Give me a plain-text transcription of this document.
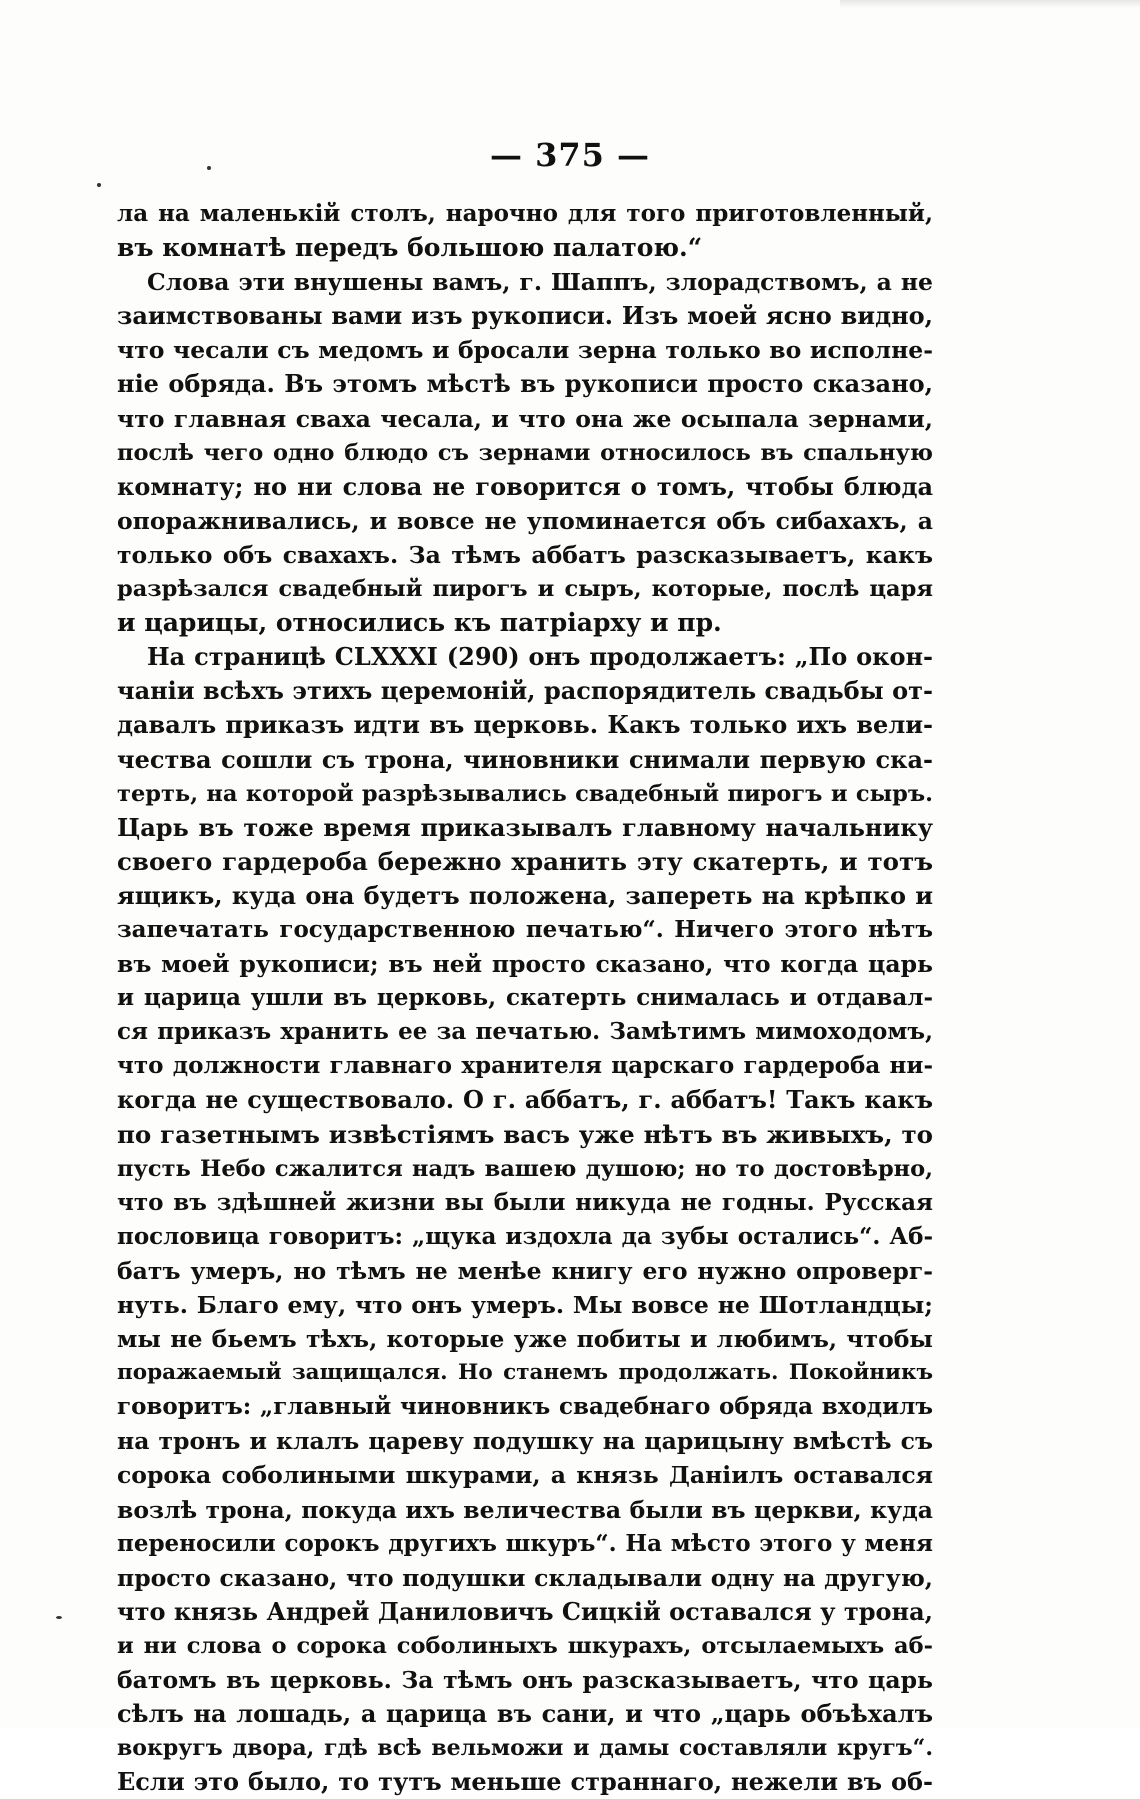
— 375 —
ла на маленькій столъ, нарочно для того приготовленный,
въ комнатѣ передъ большою палатою.“
Слова эти внушены вамъ, г. Шаппъ, злорадствомъ, а не
заимствованы вами изъ рукописи. Изъ моей ясно видно,
что чесали съ медомъ и бросали зерна только во исполне-
ніе обряда. Въ этомъ мѣстѣ въ рукописи просто сказано,
что главная сваха чесала, и что она же осыпала зернами,
послѣ чего одно блюдо съ зернами относилось въ спальную
комнату; но ни слова не говорится о томъ, чтобы блюда
опоражнивались, и вовсе не упоминается объ сибахахъ, а
только объ свахахъ. За тѣмъ аббатъ разсказываетъ, какъ
разрѣзался свадебный пирогъ и сыръ, которые, послѣ царя
и царицы, относились къ патріарху и пр.
На страницѣ CLXXXI (290) онъ продолжаетъ: „По окон-
чаніи всѣхъ этихъ церемоній, распорядитель свадьбы от-
давалъ приказъ идти въ церковь. Какъ только ихъ вели-
чества сошли съ трона, чиновники снимали первую ска-
терть, на которой разрѣзывались свадебный пирогъ и сыръ.
Царь въ тоже время приказывалъ главному начальнику
своего гардероба бережно хранить эту скатерть, и тотъ
ящикъ, куда она будетъ положена, запереть на крѣпко и
запечатать государственною печатью“. Ничего этого нѣтъ
въ моей рукописи; въ ней просто сказано, что когда царь
и царица ушли въ церковь, скатерть снималась и отдавал-
ся приказъ хранить ее за печатью. Замѣтимъ мимоходомъ,
что должности главнаго хранителя царскаго гардероба ни-
когда не существовало. О г. аббатъ, г. аббатъ! Такъ какъ
по газетнымъ извѣстіямъ васъ уже нѣтъ въ живыхъ, то
пусть Небо сжалится надъ вашею душою; но то достовѣрно,
что въ здѣшней жизни вы были никуда не годны. Русская
пословица говоритъ: „щука издохла да зубы остались“. Аб-
батъ умеръ, но тѣмъ не менѣе книгу его нужно опроверг-
нуть. Благо ему, что онъ умеръ. Мы вовсе не Шотландцы;
мы не бьемъ тѣхъ, которые уже побиты и любимъ, чтобы
поражаемый защищался. Но станемъ продолжать. Покойникъ
говоритъ: „главный чиновникъ свадебнаго обряда входилъ
на тронъ и клалъ цареву подушку на царицыну вмѣстѣ съ
сорока соболиными шкурами, а князь Даніилъ оставался
возлѣ трона, покуда ихъ величества были въ церкви, куда
переносили сорокъ другихъ шкуръ“. На мѣсто этого у меня
просто сказано, что подушки складывали одну на другую,
что князь Андрей Даниловичъ Сицкій оставался у трона,
и ни слова о сорока соболиныхъ шкурахъ, отсылаемыхъ аб-
батомъ въ церковь. За тѣмъ онъ разсказываетъ, что царь
сѣлъ на лошадь, а царица въ сани, и что „царь объѣхалъ
вокругъ двора, гдѣ всѣ вельможи и дамы составляли кругъ“.
Если это было, то тутъ меньше страннаго, нежели въ об-
